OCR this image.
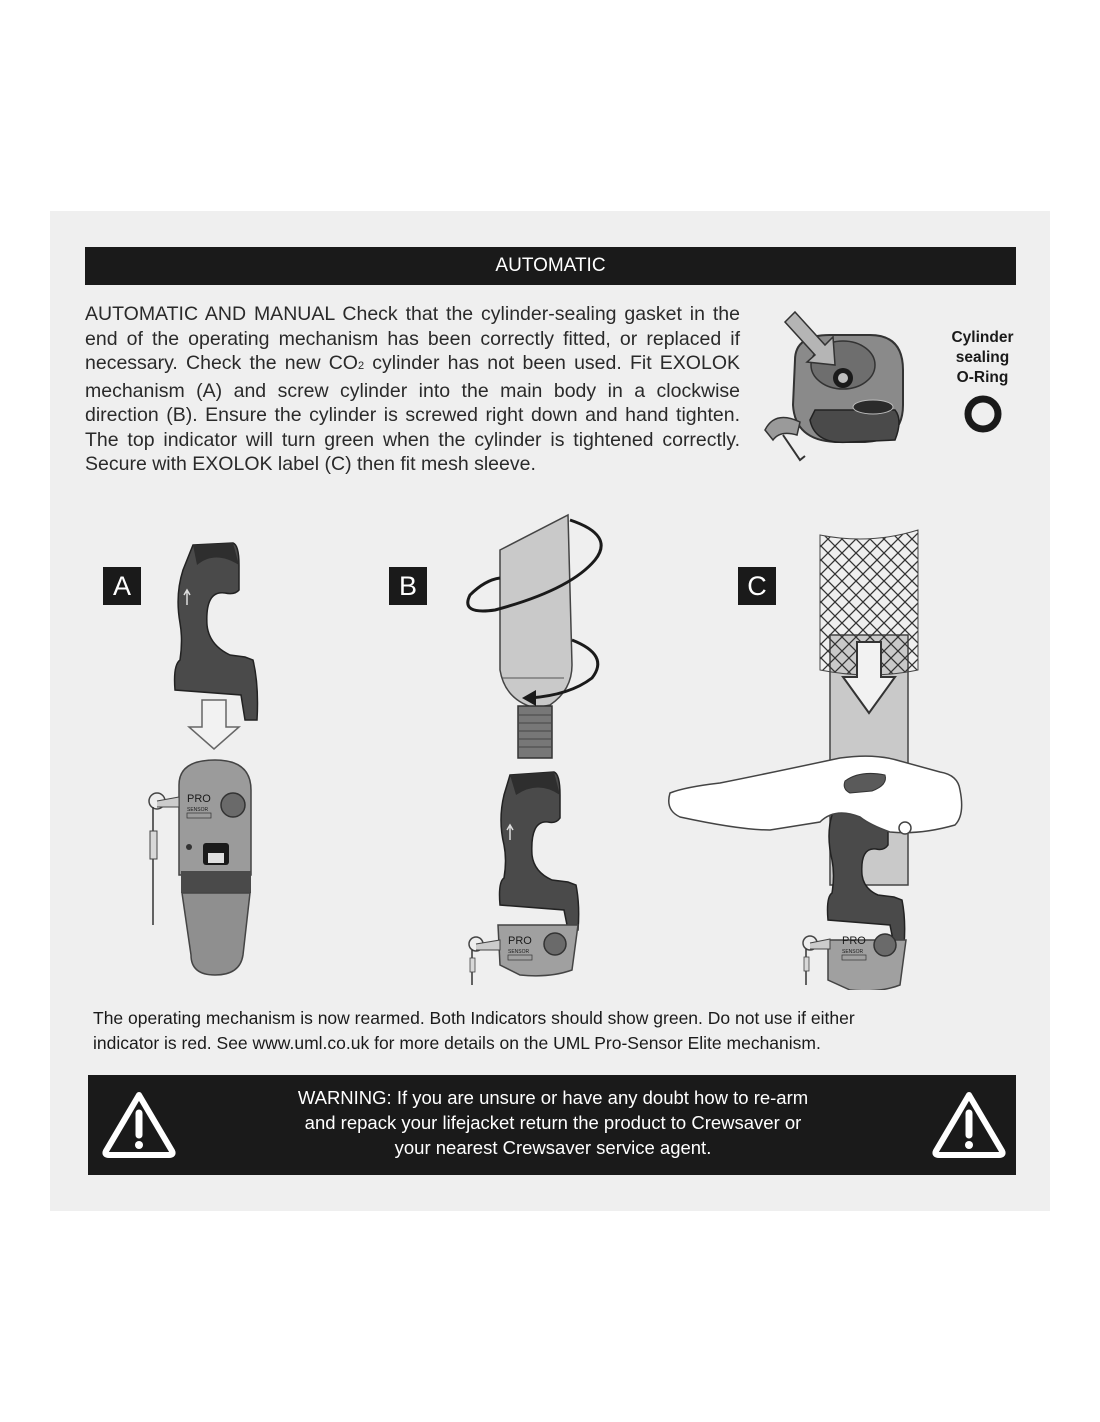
AUTOMATIC

AUTOMATIC AND MANUAL Check that the cylinder-sealing gasket in the end of the operating mechanism has been correctly fitted, or replaced if necessary. Check the new CO2 cylinder has not been used. Fit EXOLOK mechanism (A) and screw cylinder into the main body in a clockwise direction (B). Ensure the cylinder is screwed right down and hand tighten. The top indicator will turn green when the cylinder is tightened correctly. Secure with EXOLOK label (C) then fit mesh sleeve.

Cylinder
sealing
O-Ring
A	B	C
PRO
SENSOR
PRO
SENSOR
PRO
SENSOR

The operating mechanism is now rearmed. Both Indicators should show green. Do not use if either
indicator is red. See www.uml.co.uk for more details on the UML Pro-Sensor Elite mechanism.

WARNING: If you are unsure or have any doubt how to re-arm
and repack your lifejacket return the product to Crewsaver or
your nearest Crewsaver service agent.
